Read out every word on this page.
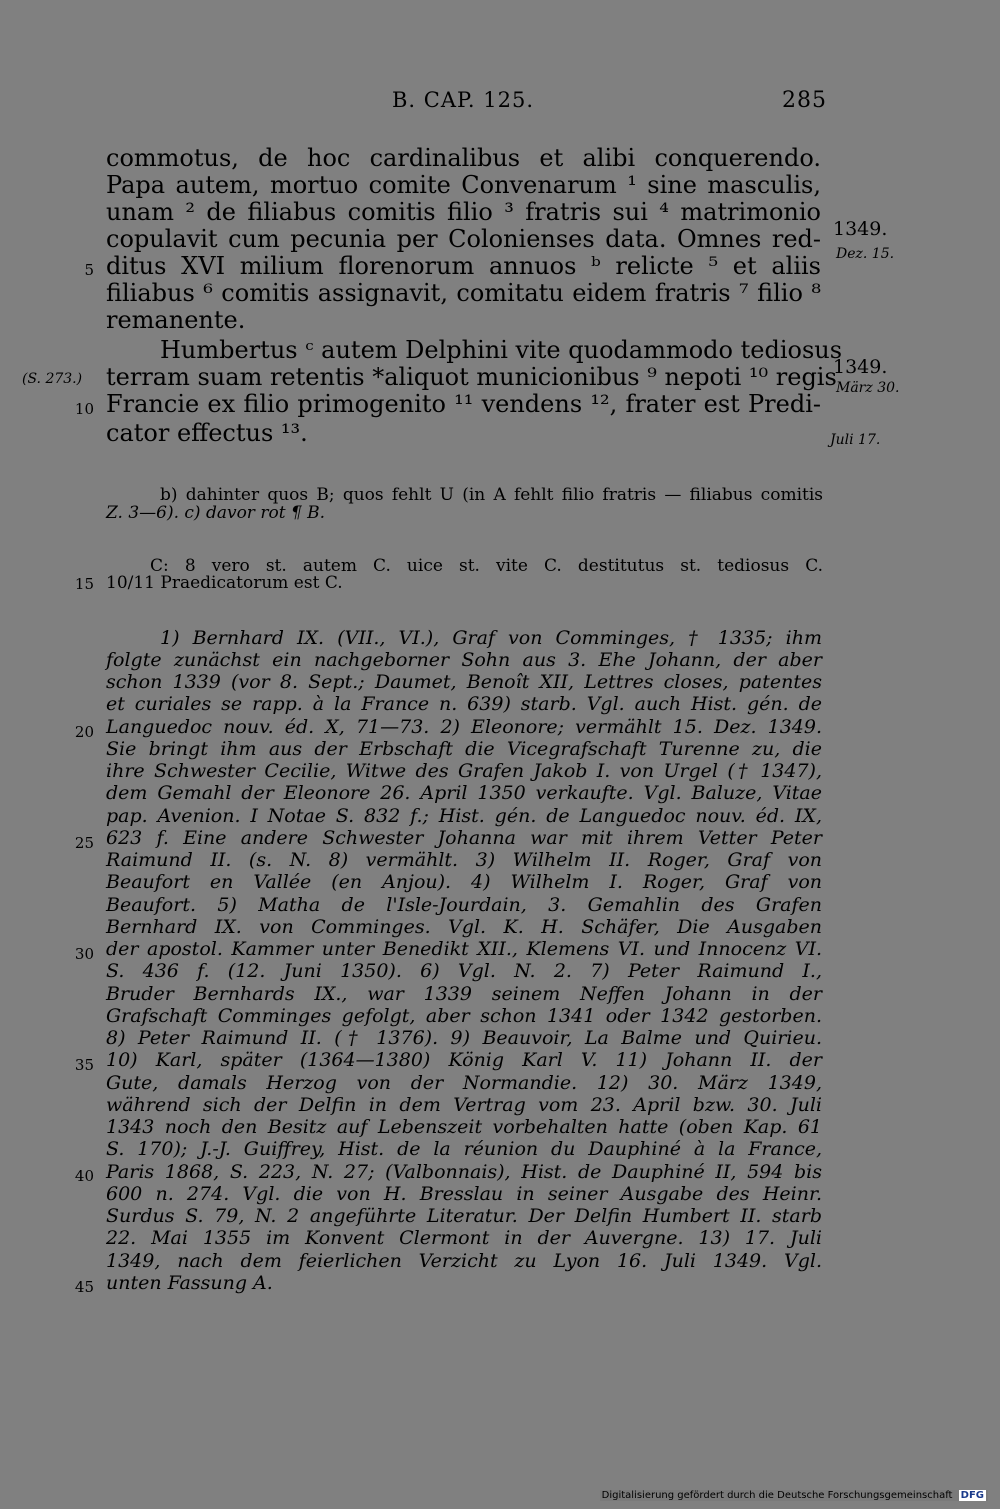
B. CAP. 125.	285
commotus, de hoc cardinalibus et alibi conquerendo.
Papa autem, mortuo comite Convenarum ¹ sine masculis,
unam ² de filiabus comitis filio ³ fratris sui ⁴ matrimonio
copulavit cum pecunia per Colonienses data. Omnes red-
ditus XVI milium florenorum annuos ᵇ relicte ⁵ et aliis
filiabus ⁶ comitis assignavit, comitatu eidem fratris ⁷ filio ⁸
remanente.
Humbertus ᶜ autem Delphini vite quodammodo tediosus
terram suam retentis *aliquot municionibus ⁹ nepoti ¹⁰ regis
Francie ex filio primogenito ¹¹ vendens ¹², frater est Predi-
cator effectus ¹³.
(S. 273.)
1349.
Dez. 15.
1349.
März 30.
Juli 17.
5
10
15
20
25
30
35
40
45
b) dahinter quos B; quos fehlt U (in A fehlt filio fratris — filiabus comitis
Z. 3—6). c) davor rot ¶ B.
C: 8 vero st. autem C. uice st. vite C. destitutus st. tediosus C.
10/11 Praedicatorum est C.
1) Bernhard IX. (VII., VI.), Graf von Comminges, † 1335; ihm
folgte zunächst ein nachgeborner Sohn aus 3. Ehe Johann, der aber
schon 1339 (vor 8. Sept.; Daumet, Benoît XII, Lettres closes, patentes
et curiales se rapp. à la France n. 639) starb. Vgl. auch Hist. gén. de
Languedoc nouv. éd. X, 71—73. 2) Eleonore; vermählt 15. Dez. 1349.
Sie bringt ihm aus der Erbschaft die Vicegrafschaft Turenne zu, die
ihre Schwester Cecilie, Witwe des Grafen Jakob I. von Urgel († 1347),
dem Gemahl der Eleonore 26. April 1350 verkaufte. Vgl. Baluze, Vitae
pap. Avenion. I Notae S. 832 f.; Hist. gén. de Languedoc nouv. éd. IX,
623 f. Eine andere Schwester Johanna war mit ihrem Vetter Peter
Raimund II. (s. N. 8) vermählt. 3) Wilhelm II. Roger, Graf von
Beaufort en Vallée (en Anjou). 4) Wilhelm I. Roger, Graf von
Beaufort. 5) Matha de l'Isle-Jourdain, 3. Gemahlin des Grafen
Bernhard IX. von Comminges. Vgl. K. H. Schäfer, Die Ausgaben
der apostol. Kammer unter Benedikt XII., Klemens VI. und Innocenz VI.
S. 436 f. (12. Juni 1350). 6) Vgl. N. 2. 7) Peter Raimund I.,
Bruder Bernhards IX., war 1339 seinem Neffen Johann in der
Grafschaft Comminges gefolgt, aber schon 1341 oder 1342 gestorben.
8) Peter Raimund II. († 1376). 9) Beauvoir, La Balme und Quirieu.
10) Karl, später (1364—1380) König Karl V. 11) Johann II. der
Gute, damals Herzog von der Normandie. 12) 30. März 1349,
während sich der Delfin in dem Vertrag vom 23. April bzw. 30. Juli
1343 noch den Besitz auf Lebenszeit vorbehalten hatte (oben Kap. 61
S. 170); J.-J. Guiffrey, Hist. de la réunion du Dauphiné à la France,
Paris 1868, S. 223, N. 27; (Valbonnais), Hist. de Dauphiné II, 594 bis
600 n. 274. Vgl. die von H. Bresslau in seiner Ausgabe des Heinr.
Surdus S. 79, N. 2 angeführte Literatur. Der Delfin Humbert II. starb
22. Mai 1355 im Konvent Clermont in der Auvergne. 13) 17. Juli
1349, nach dem feierlichen Verzicht zu Lyon 16. Juli 1349. Vgl.
unten Fassung A.
Digitalisierung gefördert durch die Deutsche Forschungsgemeinschaft DFG
